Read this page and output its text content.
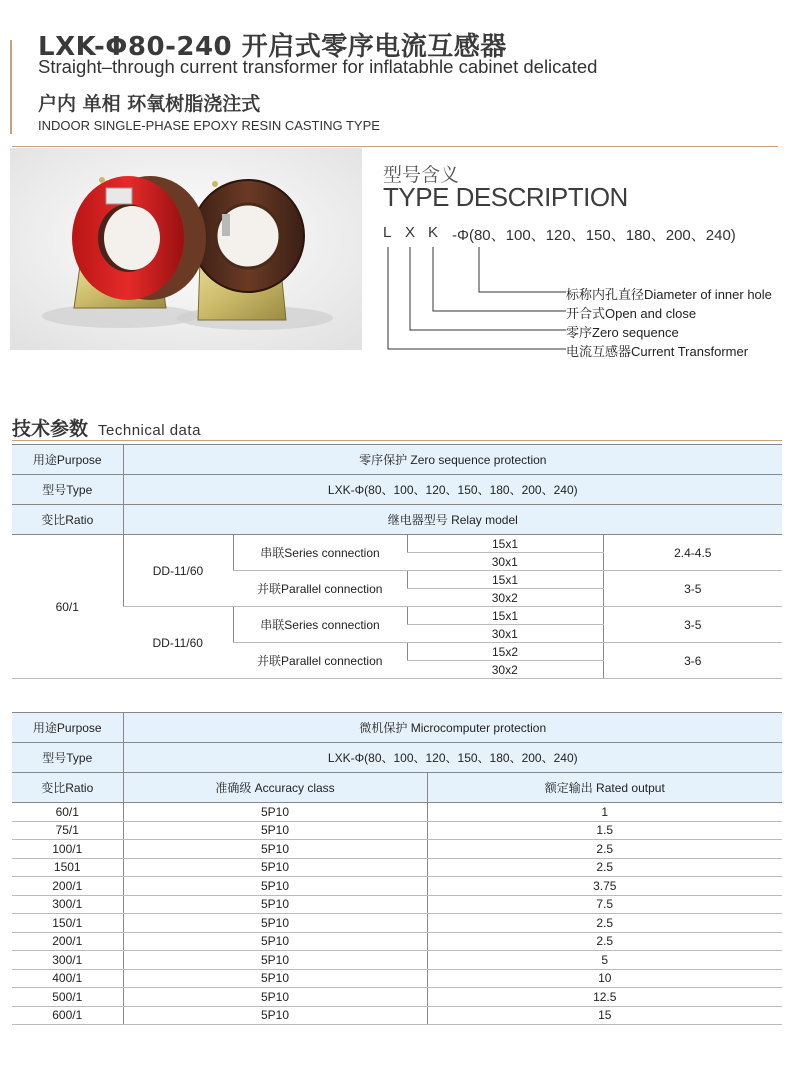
LXK-Φ80-240 开启式零序电流互感器
Straight–through current transformer for inflatabhle cabinet delicated
户内 单相 环氧树脂浇注式
INDOOR SINGLE-PHASE EPOXY RESIN CASTING TYPE
型号含义
TYPE DESCRIPTION
L X K -Φ(80、100、120、150、180、200、240)
标称内孔直径Diameter of inner hole
开合式Open and close
零序Zero sequence
电流互感器Current Transformer
技术参数 Technical data
用途Purpose	零序保护 Zero sequence protection			
型号Type	LXK-Φ(80、100、120、150、180、200、240)			
变比Ratio	继电器型号 Relay model			
60/1	DD-11/60	串联Series connection	15x1	2.4-4.5
			30x1	
		并联Parallel connection	15x1	3-5
			30x2	
	DD-11/60	串联Series connection	15x1	3-5
			30x1	
		并联Parallel connection	15x2	3-6
			30x2	
用途Purpose	微机保护 Microcomputer protection	
型号Type	LXK-Φ(80、100、120、150、180、200、240)	
变比Ratio	准确级 Accuracy class	额定输出 Rated output
60/1	5P10	1
75/1	5P10	1.5
100/1	5P10	2.5
1501	5P10	2.5
200/1	5P10	3.75
300/1	5P10	7.5
150/1	5P10	2.5
200/1	5P10	2.5
300/1	5P10	5
400/1	5P10	10
500/1	5P10	12.5
600/1	5P10	15
